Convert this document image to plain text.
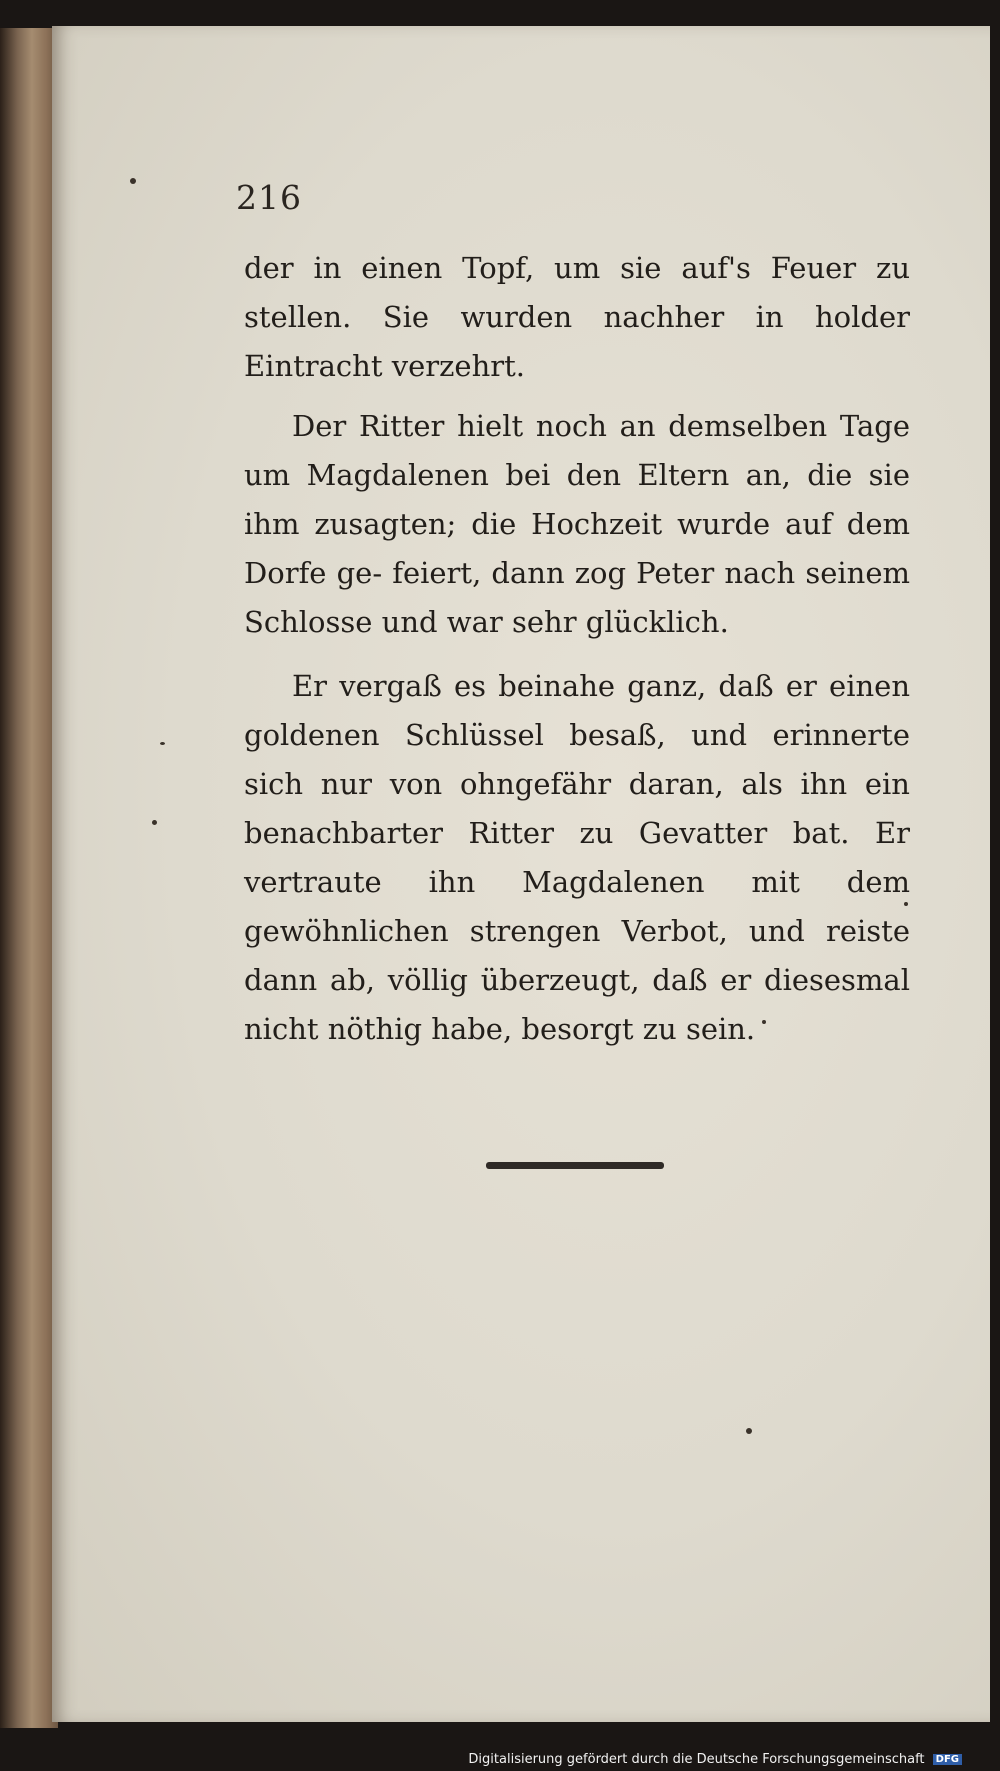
216

der in einen Topf, um sie auf's Feuer zu stellen. Sie wurden nachher in holder Eintracht verzehrt.

Der Ritter hielt noch an demselben Tage um Magdalenen bei den Eltern an, die sie ihm zusagten; die Hochzeit wurde auf dem Dorfe ge- feiert, dann zog Peter nach seinem Schlosse und war sehr glücklich.

Er vergaß es beinahe ganz, daß er einen goldenen Schlüssel besaß, und erinnerte sich nur von ohngefähr daran, als ihn ein benachbarter Ritter zu Gevatter bat. Er vertraute ihn Magdalenen mit dem gewöhnlichen strengen Verbot, und reiste dann ab, völlig überzeugt, daß er diesesmal nicht nöthig habe, besorgt zu sein.

Digitalisierung gefördert durch die Deutsche Forschungsgemeinschaft DFG
